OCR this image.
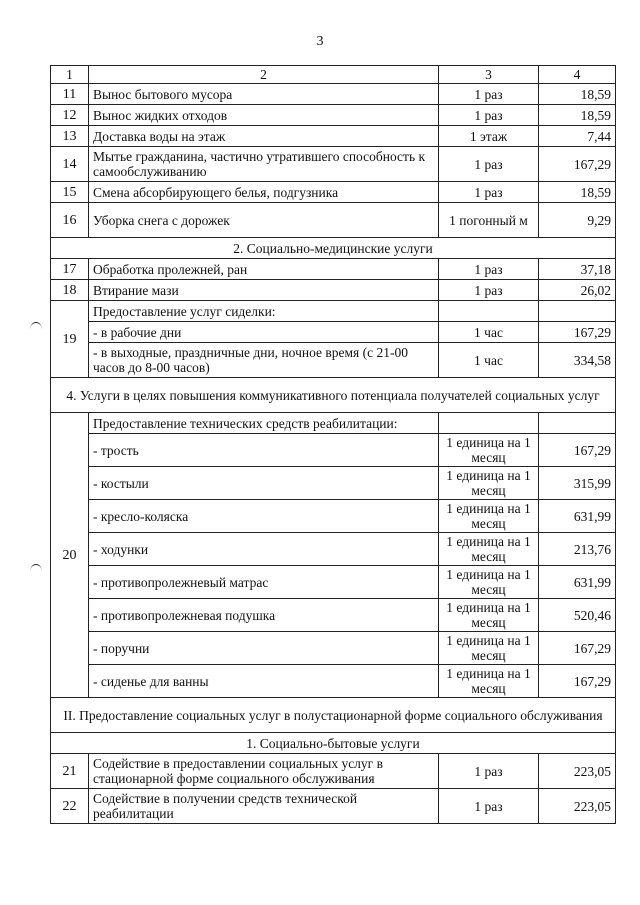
3
1	2	3	4
11	Вынос бытового мусора	1 раз	18,59
12	Вынос жидких отходов	1 раз	18,59
13	Доставка воды на этаж	1 этаж	7,44
14	Мытье гражданина, частично утратившего способность к самообслуживанию	1 раз	167,29
15	Смена абсорбирующего белья, подгузника	1 раз	18,59
16	Уборка снега с дорожек	1 погонный м	9,29
2. Социально-медицинские услуги			
17	Обработка пролежней, ран	1 раз	37,18
18	Втирание мази	1 раз	26,02
19	Предоставление услуг сиделки:		
	- в рабочие дни	1 час	167,29
	- в выходные, праздничные дни, ночное время (с 21-00 часов до 8-00 часов)	1 час	334,58
4. Услуги в целях повышения коммуникативного потенциала получателей социальных услуг			
20	Предоставление технических средств реабилитации:		
	- трость	1 единица на 1 месяц	167,29
	- костыли	1 единица на 1 месяц	315,99
	- кресло-коляска	1 единица на 1 месяц	631,99
	- ходунки	1 единица на 1 месяц	213,76
	- противопролежневый матрас	1 единица на 1 месяц	631,99
	- противопролежневая подушка	1 единица на 1 месяц	520,46
	- поручни	1 единица на 1 месяц	167,29
	- сиденье для ванны	1 единица на 1 месяц	167,29
II. Предоставление социальных услуг в полустационарной форме социального обслуживания			
1. Социально-бытовые услуги			
21	Содействие в предоставлении социальных услуг в стационарной форме социального обслуживания	1 раз	223,05
22	Содействие в получении средств технической реабилитации	1 раз	223,05
